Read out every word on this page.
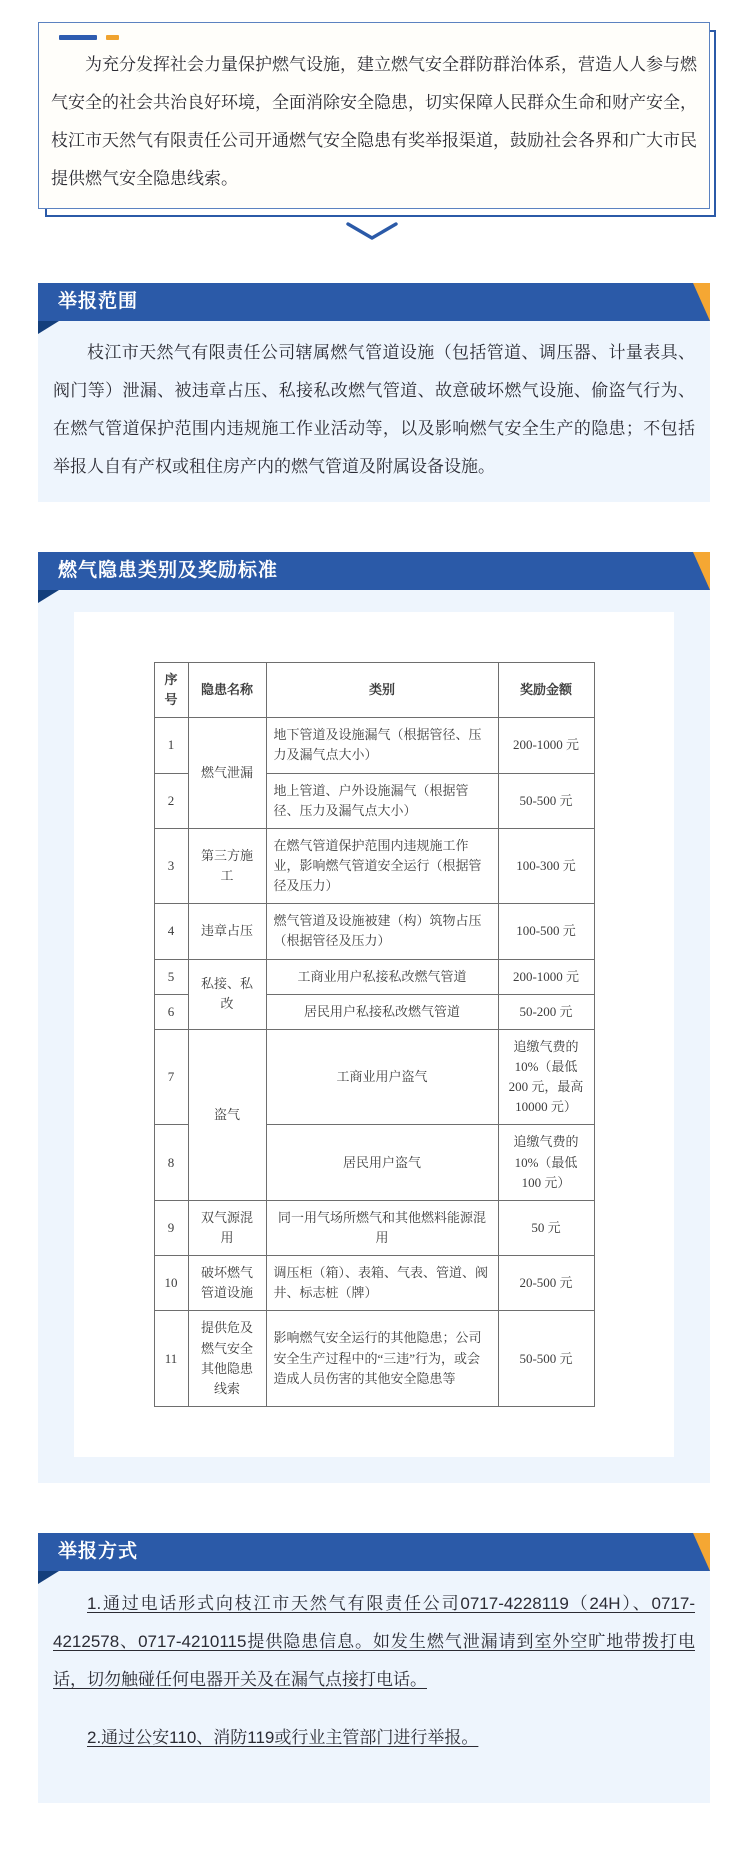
为充分发挥社会力量保护燃气设施，建立燃气安全群防群治体系，营造人人参与燃气安全的社会共治良好环境，全面消除安全隐患，切实保障人民群众生命和财产安全，枝江市天然气有限责任公司开通燃气安全隐患有奖举报渠道，鼓励社会各界和广大市民提供燃气安全隐患线索。

举报范围

枝江市天然气有限责任公司辖属燃气管道设施（包括管道、调压器、计量表具、阀门等）泄漏、被违章占压、私接私改燃气管道、故意破坏燃气设施、偷盗气行为、在燃气管道保护范围内违规施工作业活动等，以及影响燃气安全生产的隐患；不包括举报人自有产权或租住房产内的燃气管道及附属设备设施。

燃气隐患类别及奖励标准
序号	隐患名称	类别	奖励金额
1	燃气泄漏	地下管道及设施漏气（根据管径、压力及漏气点大小）	200-1000 元
2		地上管道、户外设施漏气（根据管径、压力及漏气点大小）	50-500 元
3	第三方施工	在燃气管道保护范围内违规施工作业，影响燃气管道安全运行（根据管径及压力）	100-300 元
4	违章占压	燃气管道及设施被建（构）筑物占压（根据管径及压力）	100-500 元
5	私接、私改	工商业用户私接私改燃气管道	200-1000 元
6		居民用户私接私改燃气管道	50-200 元
7	盗气	工商业用户盗气	追缴气费的 10%（最低 200 元，最高 10000 元）
8		居民用户盗气	追缴气费的 10%（最低 100 元）
9	双气源混用	同一用气场所燃气和其他燃料能源混用	50 元
10	破坏燃气管道设施	调压柜（箱）、表箱、气表、管道、阀井、标志桩（牌）	20-500 元
11	提供危及燃气安全其他隐患线索	影响燃气安全运行的其他隐患；公司安全生产过程中的“三违”行为，或会造成人员伤害的其他安全隐患等	50-500 元
举报方式

1.通过电话形式向枝江市天然气有限责任公司0717-4228119（24H）、0717-4212578、0717-4210115提供隐患信息。如发生燃气泄漏请到室外空旷地带拨打电话，切勿触碰任何电器开关及在漏气点接打电话。

2.通过公安110、消防119或行业主管部门进行举报。
